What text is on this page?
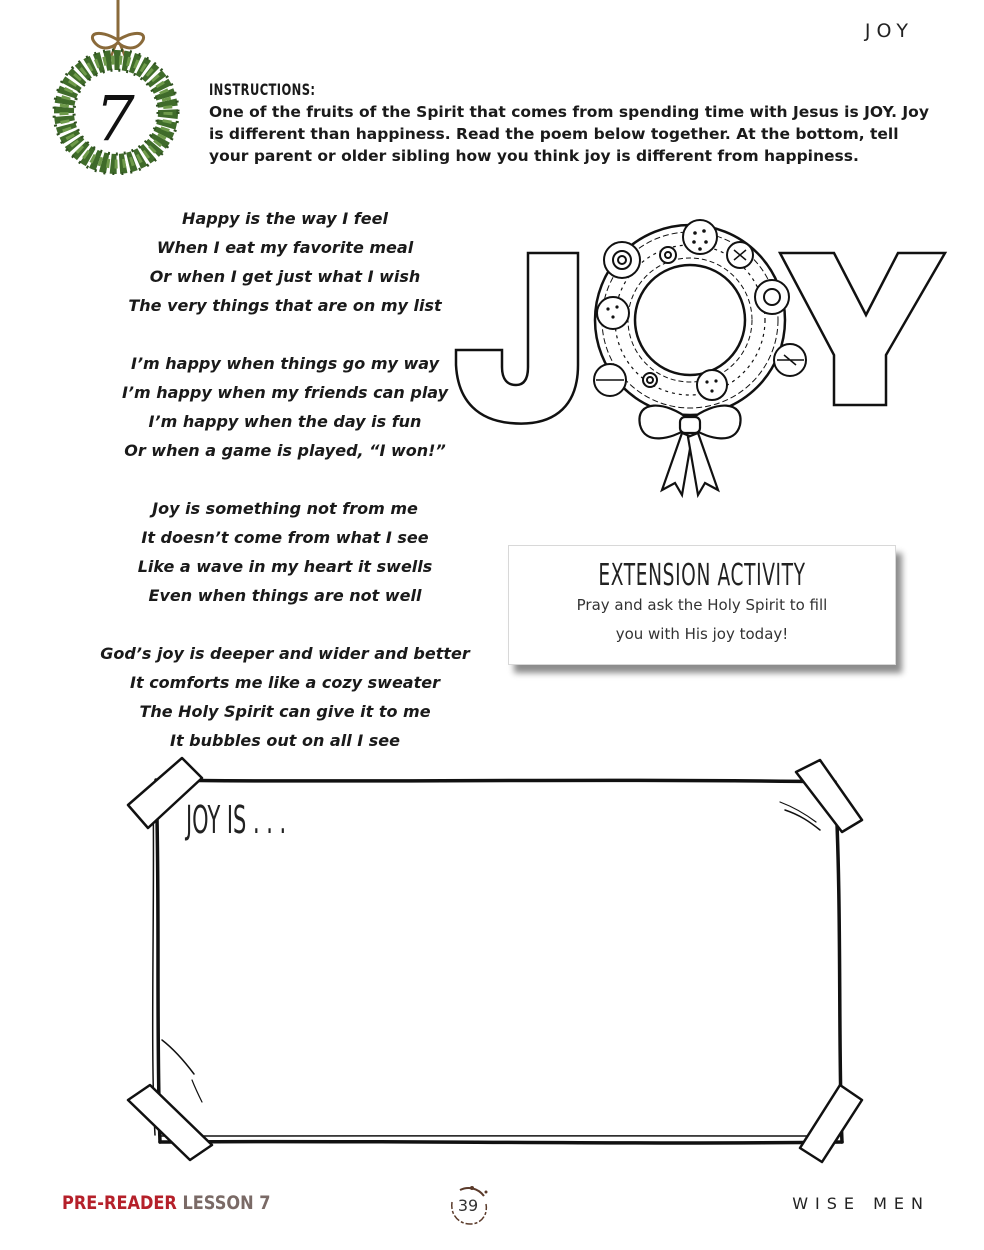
JOY
7	INSTRUCTIONS:
One of the fruits of the Spirit that comes from spending time with Jesus is JOY. Joy is different than happiness. Read the poem below together. At the bottom, tell your parent or older sibling how you think joy is different from happiness.
Happy is the way I feel
When I eat my favorite meal
Or when I get just what I wish
The very things that are on my list
I’m happy when things go my way
I’m happy when my friends can play
I’m happy when the day is fun
Or when a game is played, “I won!”
Joy is something not from me
It doesn’t come from what I see
Like a wave in my heart it swells
Even when things are not well
God’s joy is deeper and wider and better
It comforts me like a cozy sweater
The Holy Spirit can give it to me
It bubbles out on all I see
EXTENSION ACTIVITY
Pray and ask the Holy Spirit to fill
you with His joy today!
JOY IS . . .
PRE-READER LESSON 7	39	WISE MEN
